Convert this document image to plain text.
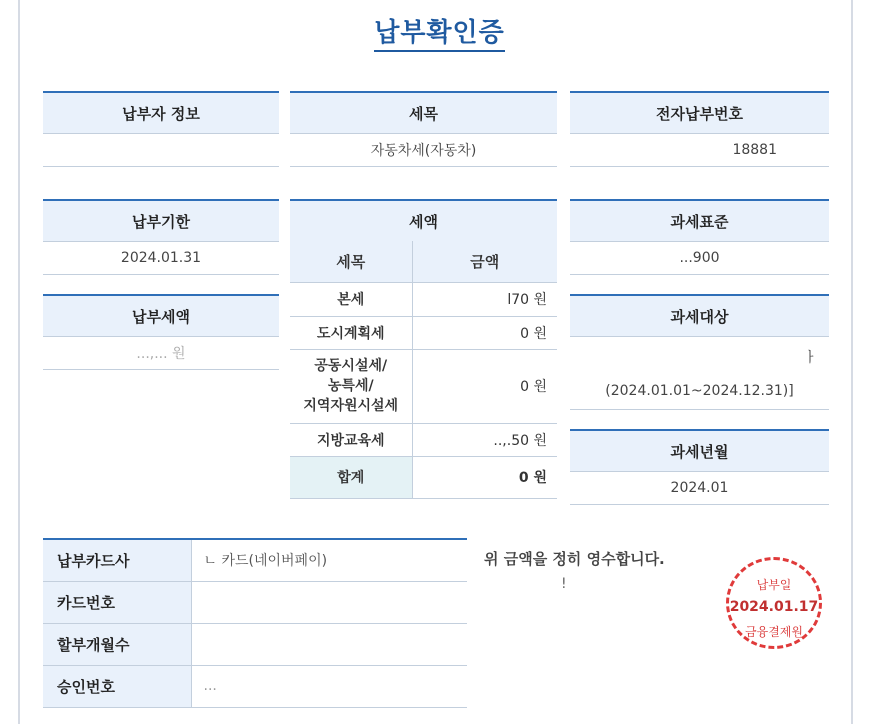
납부확인증
납부자 정보	세목
자동차세(자동차)
전자납부번호
18881
납부기한
2024.01.31
납부세액
...,... 원
세액
세목	금액
본세	l70 원
도시계획세	0 원
공동시설세/
농특세/
지역자원시설세	0 원
지방교육세	..,.50 원
합계	0 원
과세표준
...900
과세대상
ㅏ
(2024.01.01~2024.12.31)]
과세년월
2024.01
납부카드사	ㄴ 카드(네이버페이)
카드번호	
할부개월수	
승인번호	...
위 금액을 정히 영수합니다.
!	납부일
2024.01.17
금융결제원
